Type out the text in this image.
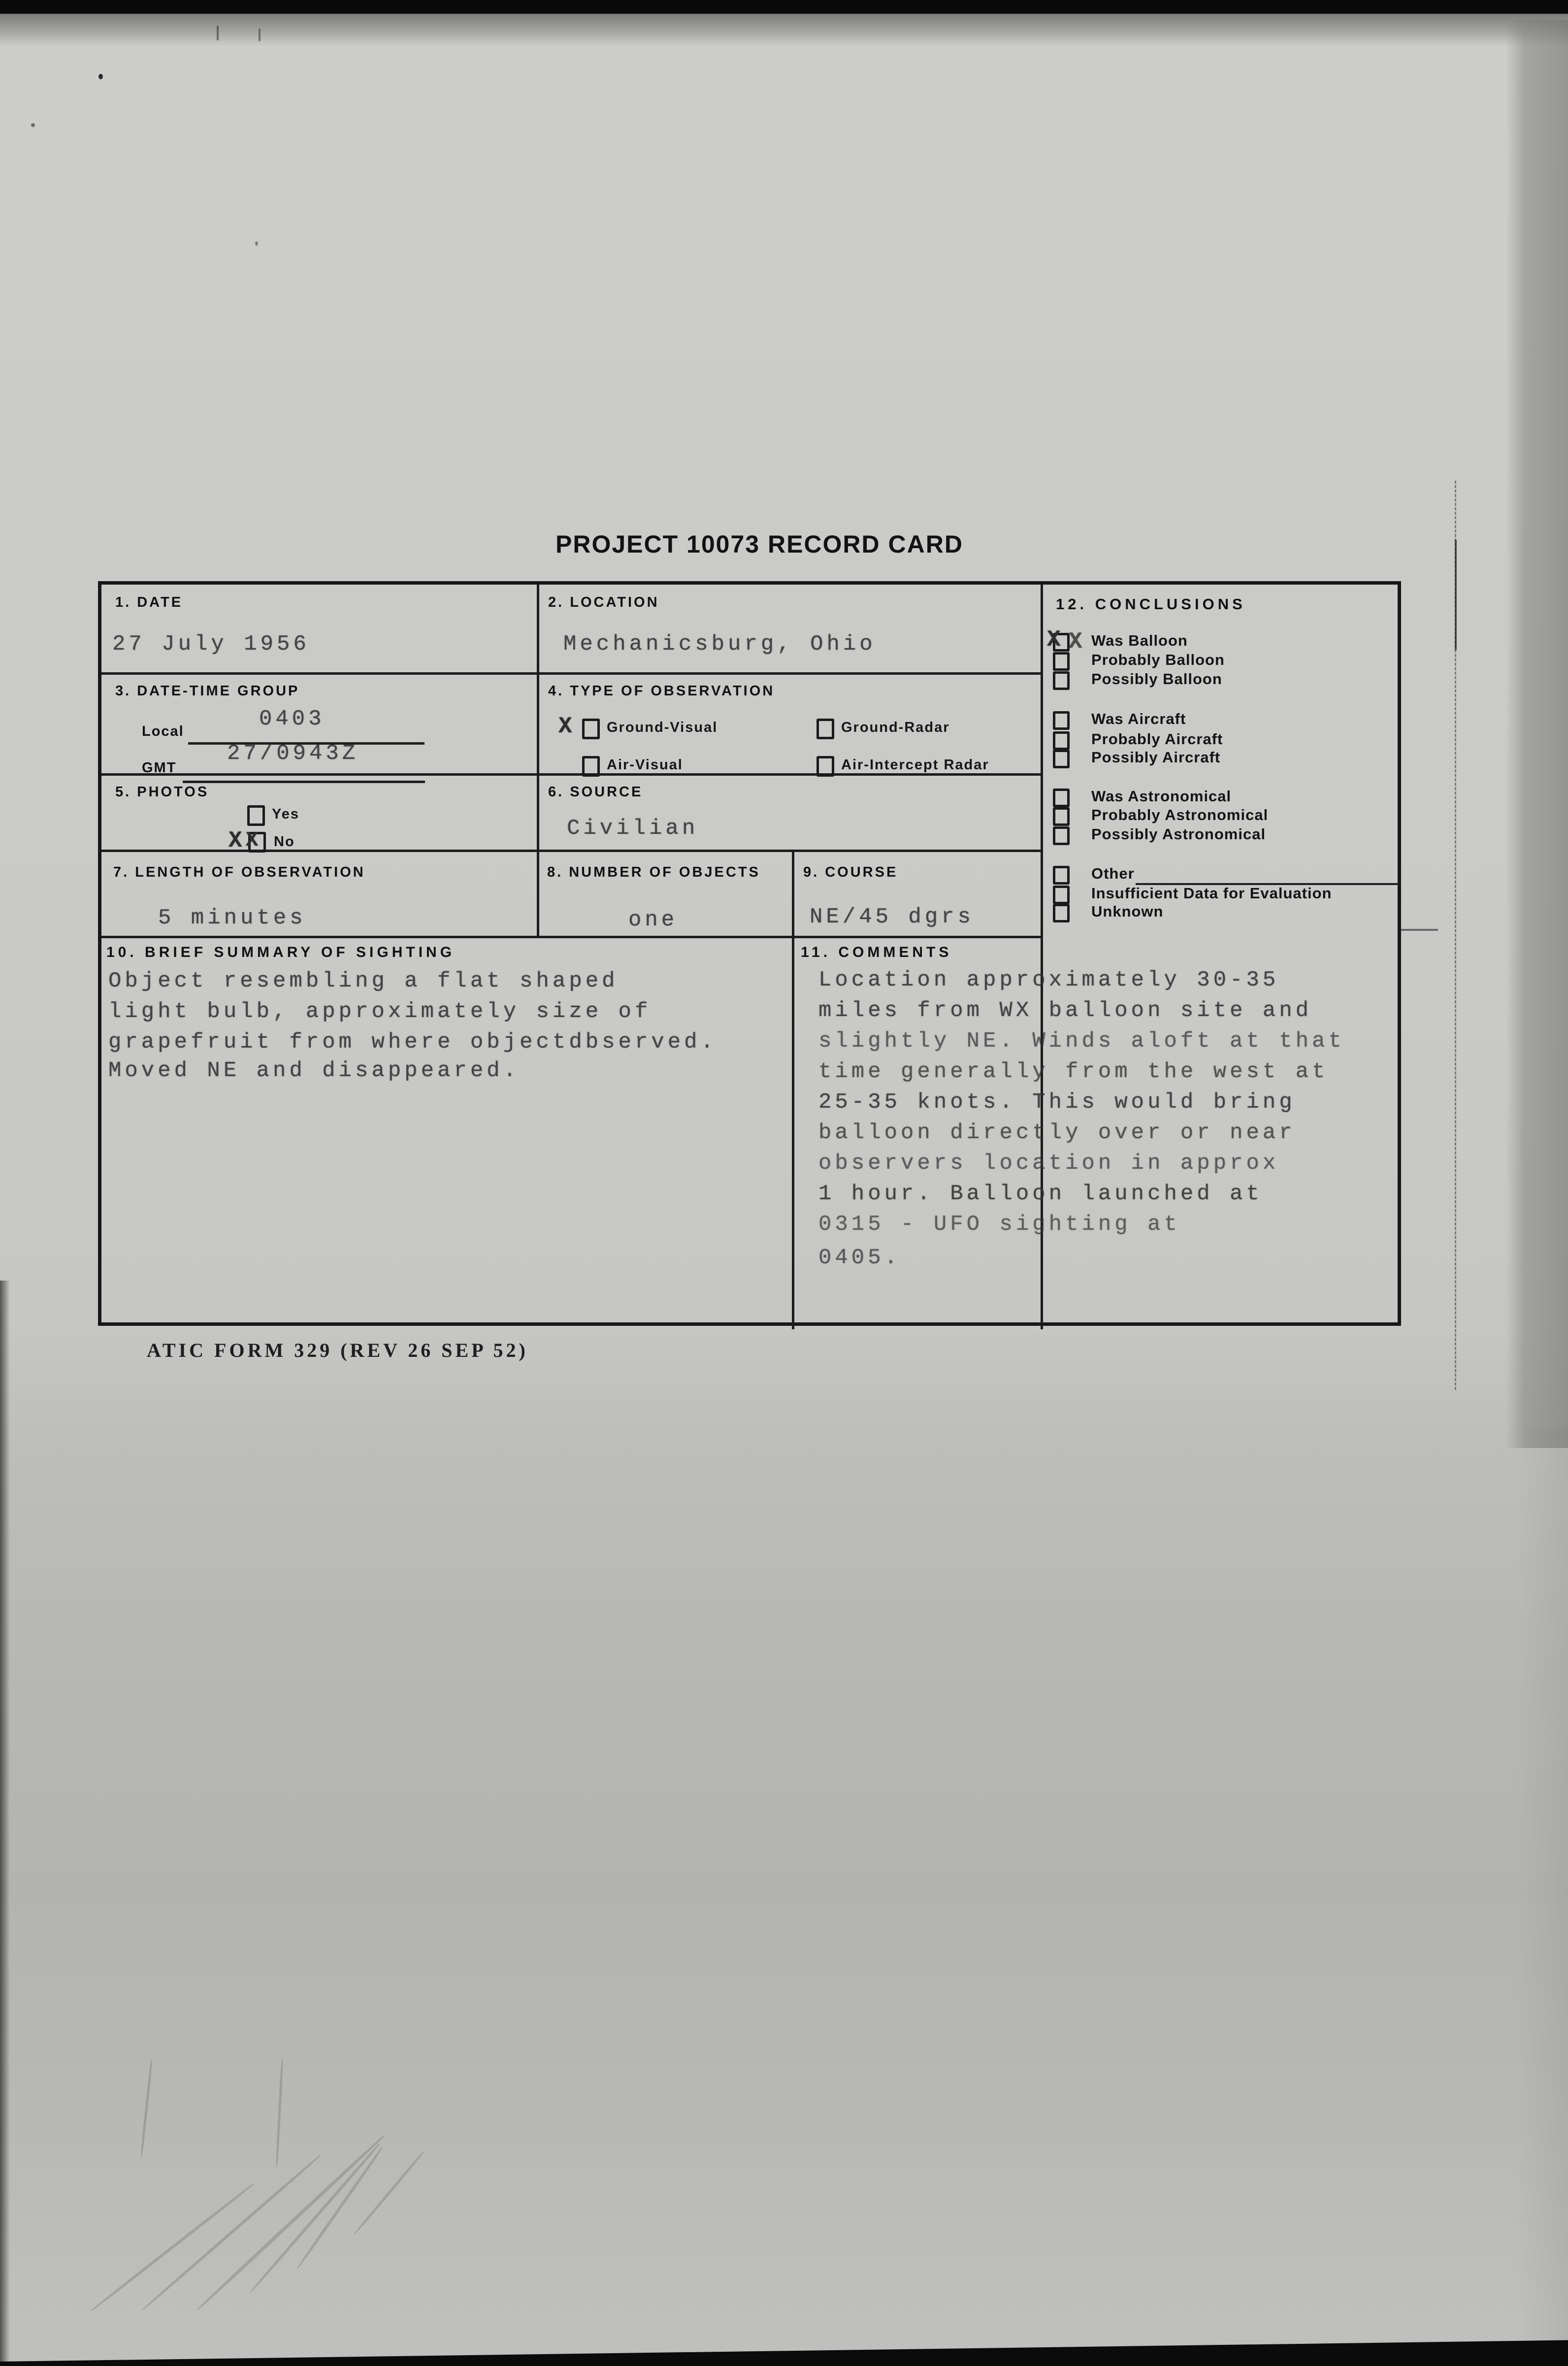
PROJECT 10073 RECORD CARD
1. DATE
27 July 1956
2. LOCATION
Mechanicsburg, Ohio
3. DATE-TIME GROUP
Local	0403
GMT
27/0943Z
4. TYPE OF OBSERVATION
X Ground-Visual	Ground-Radar
Air-Visual	Air-Intercept Radar
5. PHOTOS
Yes
X X No
6. SOURCE
Civilian
7. LENGTH OF OBSERVATION
5 minutes
8. NUMBER OF OBJECTS
one
9. COURSE
NE/45 dgrs
10. BRIEF SUMMARY OF SIGHTING
Object resembling a flat shaped
light bulb, approximately size of
grapefruit from where objectdbserved.
Moved NE and disappeared.
11. COMMENTS
Location approximately 30-35
miles from WX balloon site and
slightly NE. Winds aloft at that
time generally from the west at
25-35 knots. This would bring
balloon directly over or near
observers location in approx
1 hour. Balloon launched at
0315 - UFO sighting at
0405.
12. CONCLUSIONS
X X Was Balloon
Probably Balloon
Possibly Balloon
Was Aircraft
Probably Aircraft
Possibly Aircraft
Was Astronomical
Probably Astronomical
Possibly Astronomical
Other
Insufficient Data for Evaluation
Unknown
ATIC FORM 329 (REV 26 SEP 52)
